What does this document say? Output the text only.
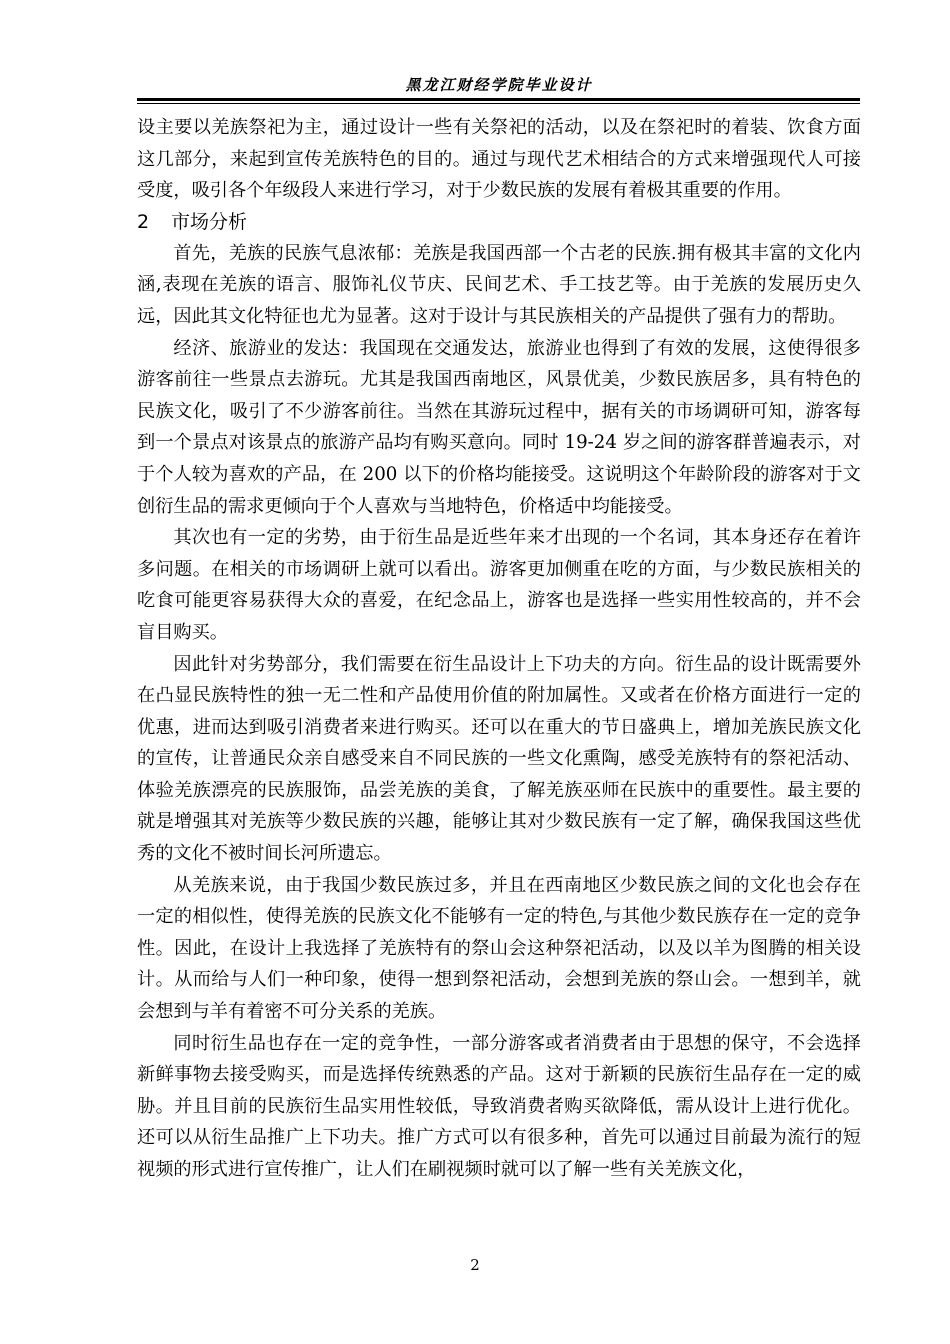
黑龙江财经学院毕业设计

设主要以羌族祭祀为主，通过设计一些有关祭祀的活动，以及在祭祀时的着装、饮食方面这几部分，来起到宣传羌族特色的目的。通过与现代艺术相结合的方式来增强现代人可接受度，吸引各个年级段人来进行学习，对于少数民族的发展有着极其重要的作用。

2 市场分析

首先，羌族的民族气息浓郁：羌族是我国西部一个古老的民族.拥有极其丰富的文化内涵,表现在羌族的语言、服饰礼仪节庆、民间艺术、手工技艺等。由于羌族的发展历史久远，因此其文化特征也尤为显著。这对于设计与其民族相关的产品提供了强有力的帮助。

经济、旅游业的发达：我国现在交通发达，旅游业也得到了有效的发展，这使得很多游客前往一些景点去游玩。尤其是我国西南地区，风景优美，少数民族居多，具有特色的民族文化，吸引了不少游客前往。当然在其游玩过程中，据有关的市场调研可知，游客每到一个景点对该景点的旅游产品均有购买意向。同时 19-24 岁之间的游客群普遍表示，对于个人较为喜欢的产品，在 200 以下的价格均能接受。这说明这个年龄阶段的游客对于文创衍生品的需求更倾向于个人喜欢与当地特色，价格适中均能接受。

其次也有一定的劣势，由于衍生品是近些年来才出现的一个名词，其本身还存在着许多问题。在相关的市场调研上就可以看出。游客更加侧重在吃的方面，与少数民族相关的吃食可能更容易获得大众的喜爱，在纪念品上，游客也是选择一些实用性较高的，并不会盲目购买。

因此针对劣势部分，我们需要在衍生品设计上下功夫的方向。衍生品的设计既需要外在凸显民族特性的独一无二性和产品使用价值的附加属性。又或者在价格方面进行一定的优惠，进而达到吸引消费者来进行购买。还可以在重大的节日盛典上，增加羌族民族文化的宣传，让普通民众亲自感受来自不同民族的一些文化熏陶，感受羌族特有的祭祀活动、体验羌族漂亮的民族服饰，品尝羌族的美食，了解羌族巫师在民族中的重要性。最主要的就是增强其对羌族等少数民族的兴趣，能够让其对少数民族有一定了解，确保我国这些优秀的文化不被时间长河所遗忘。

从羌族来说，由于我国少数民族过多，并且在西南地区少数民族之间的文化也会存在一定的相似性，使得羌族的民族文化不能够有一定的特色,与其他少数民族存在一定的竞争性。因此，在设计上我选择了羌族特有的祭山会这种祭祀活动，以及以羊为图腾的相关设计。从而给与人们一种印象，使得一想到祭祀活动，会想到羌族的祭山会。一想到羊，就会想到与羊有着密不可分关系的羌族。

同时衍生品也存在一定的竞争性，一部分游客或者消费者由于思想的保守，不会选择新鲜事物去接受购买，而是选择传统熟悉的产品。这对于新颖的民族衍生品存在一定的威胁。并且目前的民族衍生品实用性较低，导致消费者购买欲降低，需从设计上进行优化。还可以从衍生品推广上下功夫。推广方式可以有很多种，首先可以通过目前最为流行的短视频的形式进行宣传推广，让人们在刷视频时就可以了解一些有关羌族文化，

2
